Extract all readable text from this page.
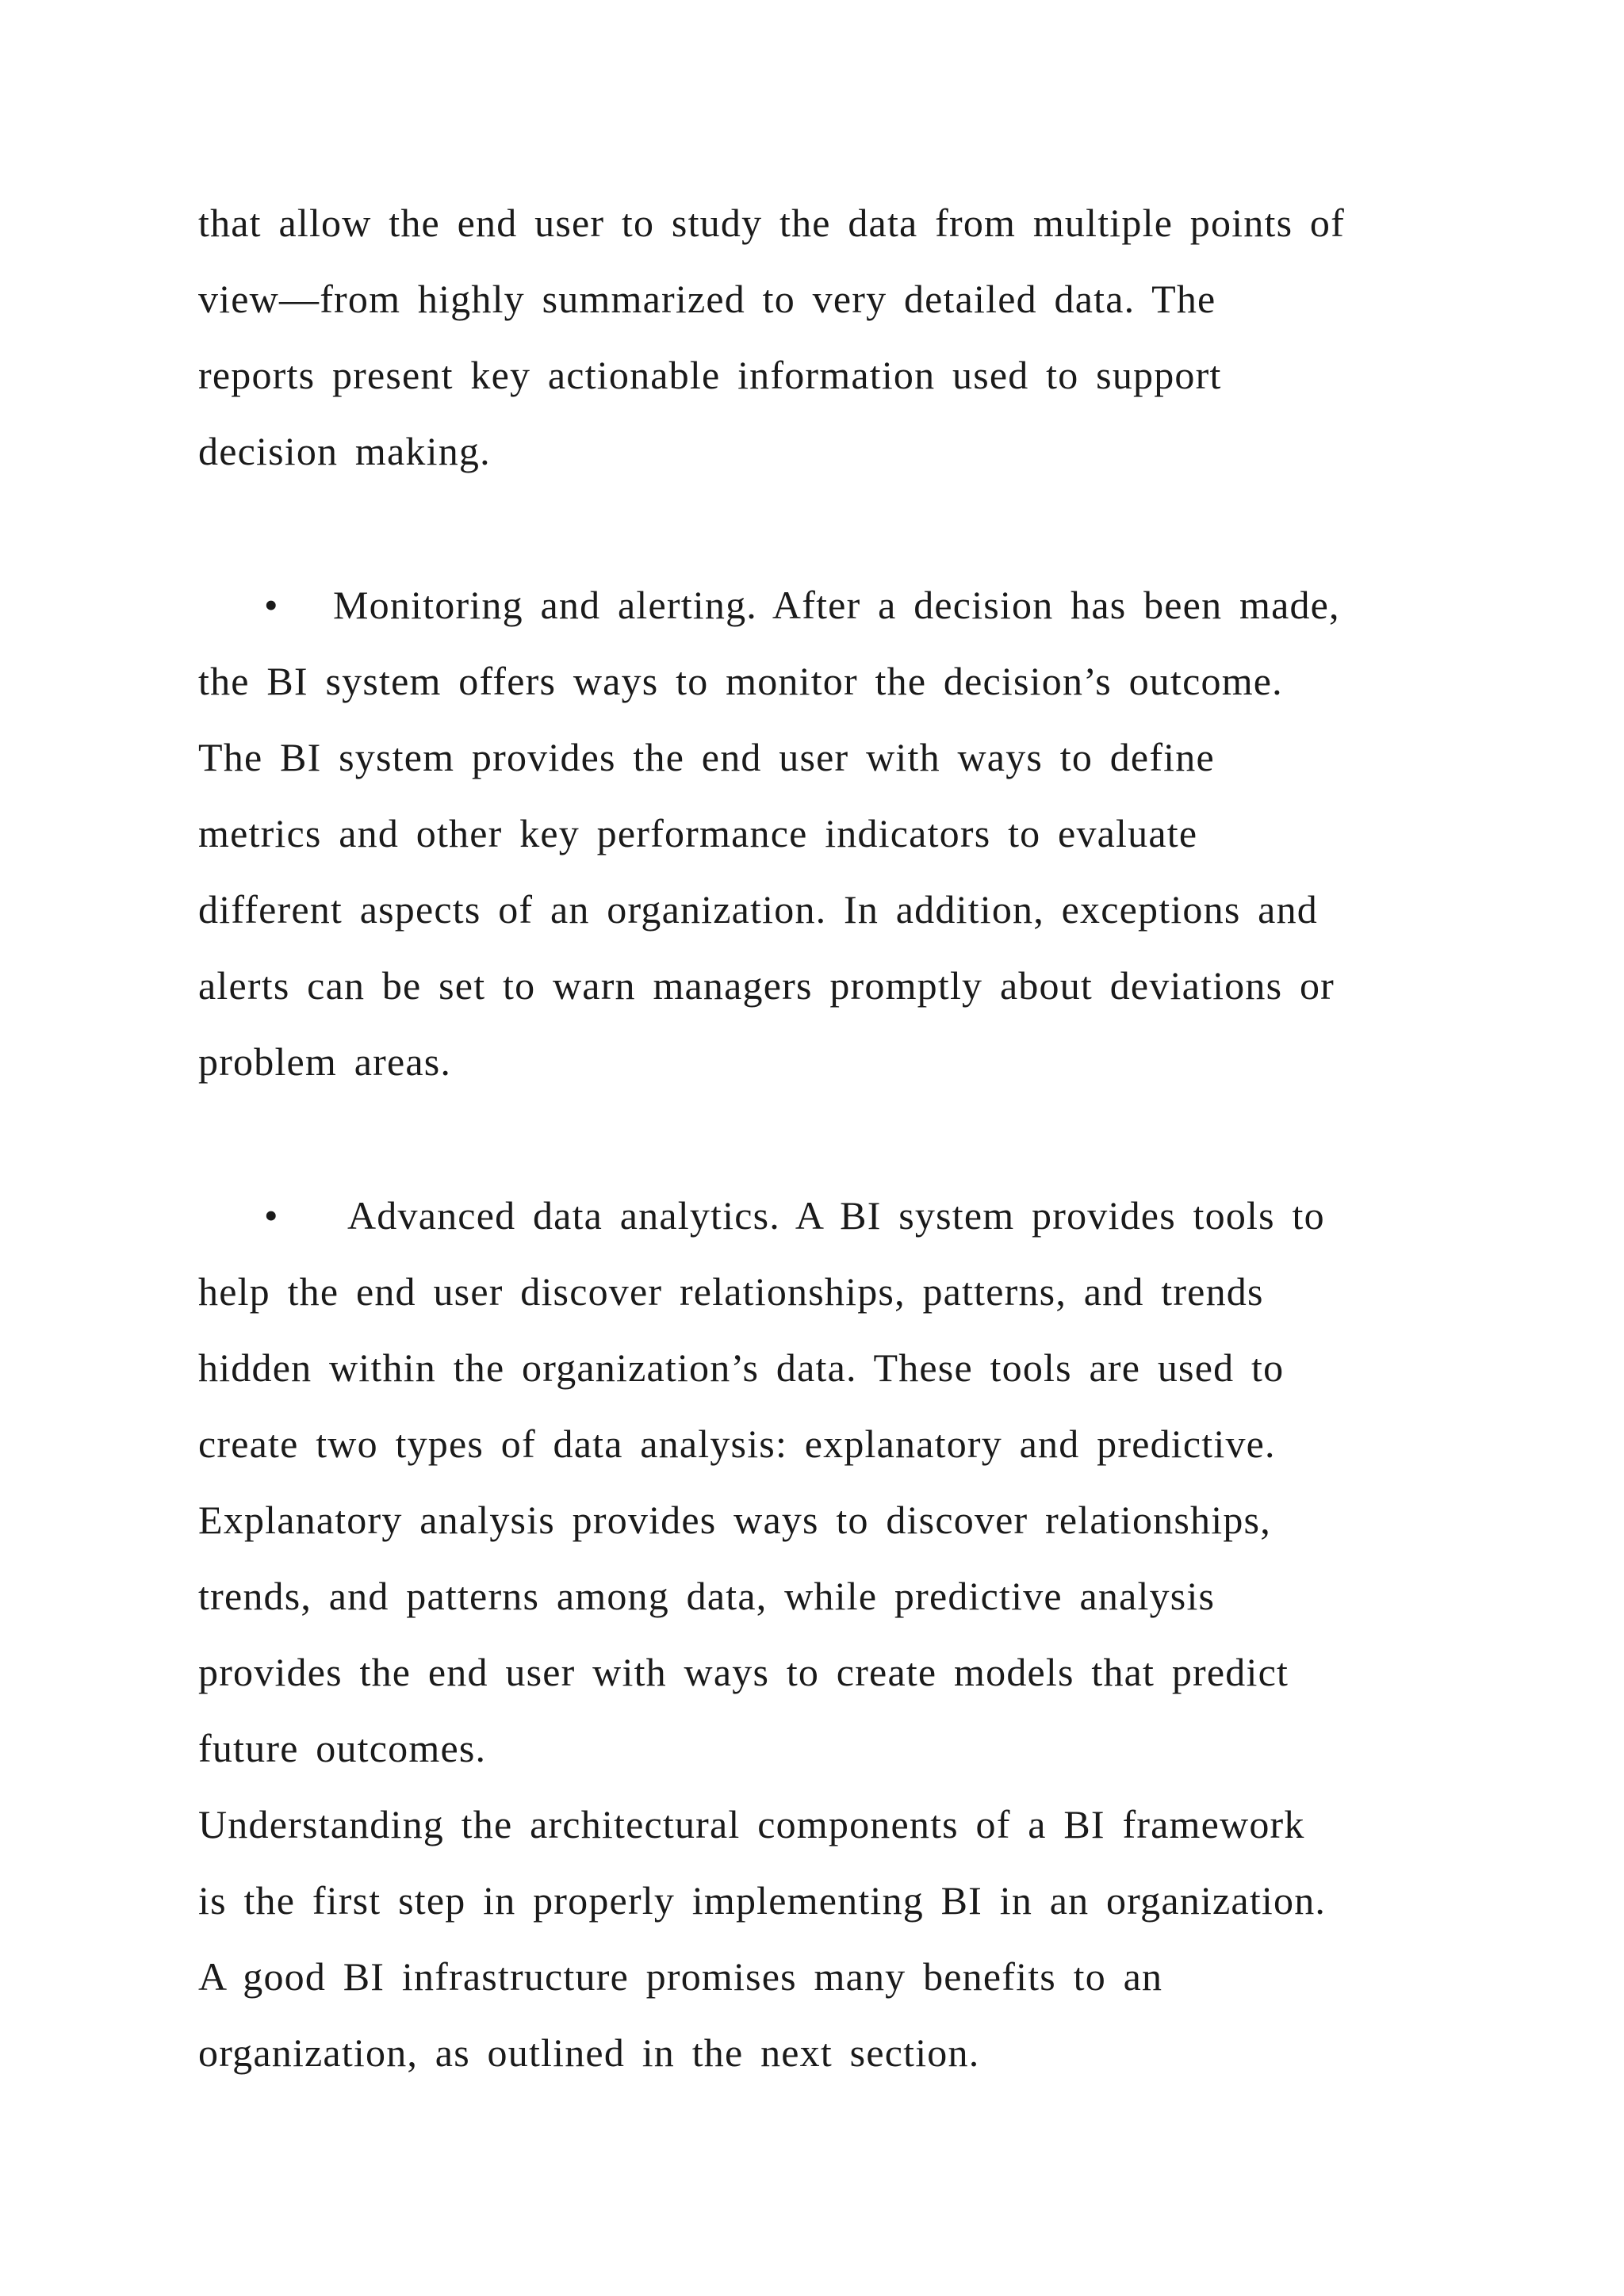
that allow the end user to study the data from multiple points of
view—from highly summarized to very detailed data. The
reports present key actionable information used to support
decision making.
• Monitoring and alerting. After a decision has been made,
the BI system offers ways to monitor the decision’s outcome.
The BI system provides the end user with ways to define
metrics and other key performance indicators to evaluate
different aspects of an organization. In addition, exceptions and
alerts can be set to warn managers promptly about deviations or
problem areas.
• Advanced data analytics. A BI system provides tools to
help the end user discover relationships, patterns, and trends
hidden within the organization’s data. These tools are used to
create two types of data analysis: explanatory and predictive.
Explanatory analysis provides ways to discover relationships,
trends, and patterns among data, while predictive analysis
provides the end user with ways to create models that predict
future outcomes.
Understanding the architectural components of a BI framework
is the first step in properly implementing BI in an organization.
A good BI infrastructure promises many benefits to an
organization, as outlined in the next section.
